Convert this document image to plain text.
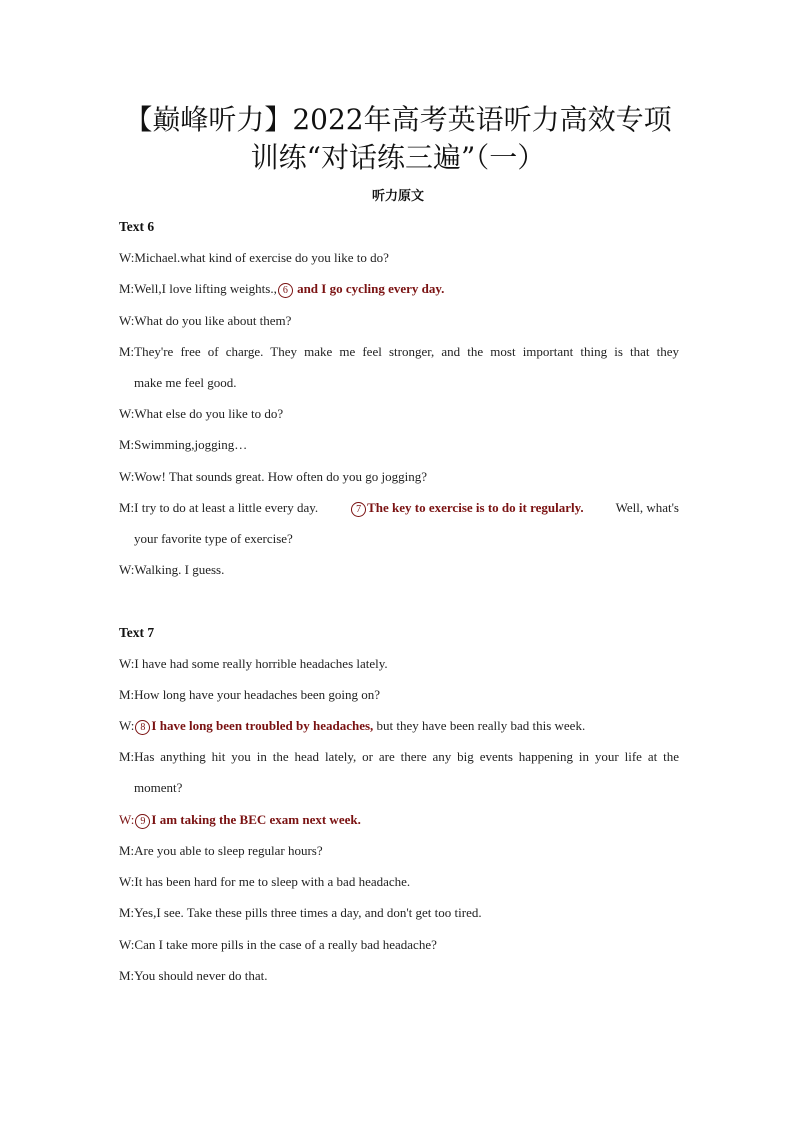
【巅峰听力】2022年高考英语听力高效专项
训练“对话练三遍”（一）
听力原文
Text 6
W:Michael.what kind of exercise do you like to do?
M:Well,I love lifting weights., 6 and I go cycling every day.
W:What do you like about them?
M:They're free of charge. They make me feel stronger, and the most important thing is that they
make me feel good.
W:What else do you like to do?
M:Swimming,jogging…
W:Wow! That sounds great. How often do you go jogging?
M:I try to do at least a little every day.	7 The key to exercise is to do it regularly. Well, what's
your favorite type of exercise?
W:Walking. I guess.
Text 7
W:I have had some really horrible headaches lately.
M:How long have your headaches been going on?
W: 8 I have long been troubled by headaches, but they have been really bad this week.
M:Has anything hit you in the head lately, or are there any big events happening in your life at the
moment?
W: 9 I am taking the BEC exam next week.
M:Are you able to sleep regular hours?
W:It has been hard for me to sleep with a bad headache.
M:Yes,I see. Take these pills three times a day, and don't get too tired.
W:Can I take more pills in the case of a really bad headache?
M:You should never do that.
